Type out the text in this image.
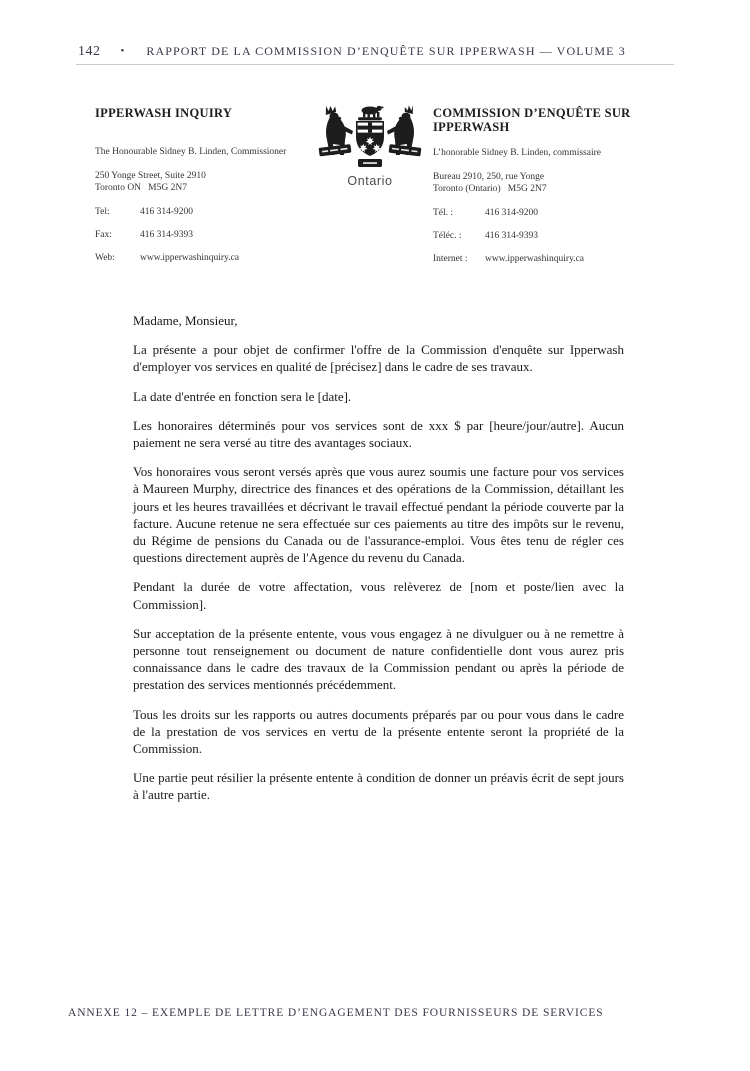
142 • RAPPORT DE LA COMMISSION D’ENQUÊTE SUR IPPERWASH — VOLUME 3
IPPERWASH INQUIRY
The Honourable Sidney B. Linden, Commissioner
250 Yonge Street, Suite 2910
Toronto ON   M5G 2N7
Tel:	416 314-9200
Fax:	416 314-9393
Web:	www.ipperwashinquiry.ca
Ontario
COMMISSION D’ENQUÊTE SUR
IPPERWASH
L’honorable Sidney B. Linden, commissaire
Bureau 2910, 250, rue Yonge
Toronto (Ontario)   M5G 2N7
Tél. :	416 314-9200
Téléc. :	416 314-9393
Internet :	www.ipperwashinquiry.ca

Madame, Monsieur,

La présente a pour objet de confirmer l'offre de la Commission d'enquête sur Ipperwash d'employer vos services en qualité de [précisez] dans le cadre de ses travaux.

La date d'entrée en fonction sera le [date].

Les honoraires déterminés pour vos services sont de xxx $ par [heure/jour/autre]. Aucun paiement ne sera versé au titre des avantages sociaux.

Vos honoraires vous seront versés après que vous aurez soumis une facture pour vos services à Maureen Murphy, directrice des finances et des opérations de la Commission, détaillant les jours et les heures travaillées et décrivant le travail effectué pendant la période couverte par la facture. Aucune retenue ne sera effectuée sur ces paiements au titre des impôts sur le revenu, du Régime de pensions du Canada ou de l'assurance-emploi. Vous êtes tenu de régler ces questions directement auprès de l'Agence du revenu du Canada.

Pendant la durée de votre affectation, vous relèverez de [nom et poste/lien avec la Commission].

Sur acceptation de la présente entente, vous vous engagez à ne divulguer ou à ne remettre à personne tout renseignement ou document de nature confidentielle dont vous aurez pris connaissance dans le cadre des travaux de la Commission pendant ou après la période de prestation des services mentionnés précédemment.

Tous les droits sur les rapports ou autres documents préparés par ou pour vous dans le cadre de la prestation de vos services en vertu de la présente entente seront la propriété de la Commission.

Une partie peut résilier la présente entente à condition de donner un préavis écrit de sept jours à l'autre partie.

ANNEXE 12 – EXEMPLE DE LETTRE D’ENGAGEMENT DES FOURNISSEURS DE SERVICES
